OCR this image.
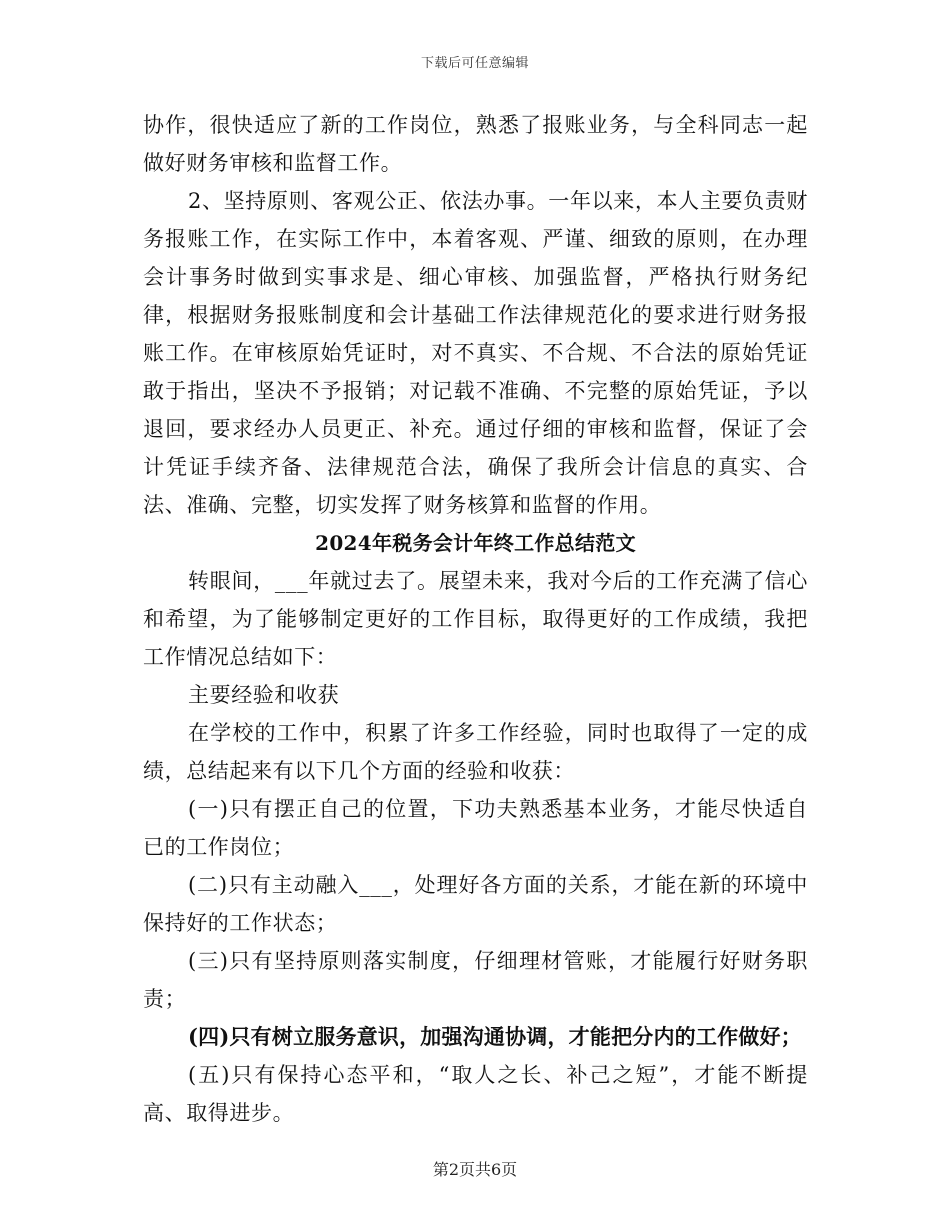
下载后可任意编辑

协作，很快适应了新的工作岗位，熟悉了报账业务，与全科同志一起做好财务审核和监督工作。

2、坚持原则、客观公正、依法办事。一年以来，本人主要负责财务报账工作，在实际工作中，本着客观、严谨、细致的原则，在办理会计事务时做到实事求是、细心审核、加强监督，严格执行财务纪律，根据财务报账制度和会计基础工作法律规范化的要求进行财务报账工作。在审核原始凭证时，对不真实、不合规、不合法的原始凭证敢于指出，坚决不予报销；对记载不准确、不完整的原始凭证，予以退回，要求经办人员更正、补充。通过仔细的审核和监督，保证了会计凭证手续齐备、法律规范合法，确保了我所会计信息的真实、合法、准确、完整，切实发挥了财务核算和监督的作用。

2024年税务会计年终工作总结范文

转眼间，___年就过去了。展望未来，我对今后的工作充满了信心和希望，为了能够制定更好的工作目标，取得更好的工作成绩，我把工作情况总结如下：

主要经验和收获

在学校的工作中，积累了许多工作经验，同时也取得了一定的成绩，总结起来有以下几个方面的经验和收获：

(一)只有摆正自己的位置，下功夫熟悉基本业务，才能尽快适自已的工作岗位；

(二)只有主动融入___，处理好各方面的关系，才能在新的环境中保持好的工作状态；

(三)只有坚持原则落实制度，仔细理材管账，才能履行好财务职责；

(四)只有树立服务意识，加强沟通协调，才能把分内的工作做好；

(五)只有保持心态平和，“取人之长、补己之短”，才能不断提高、取得进步。

第2页共6页
